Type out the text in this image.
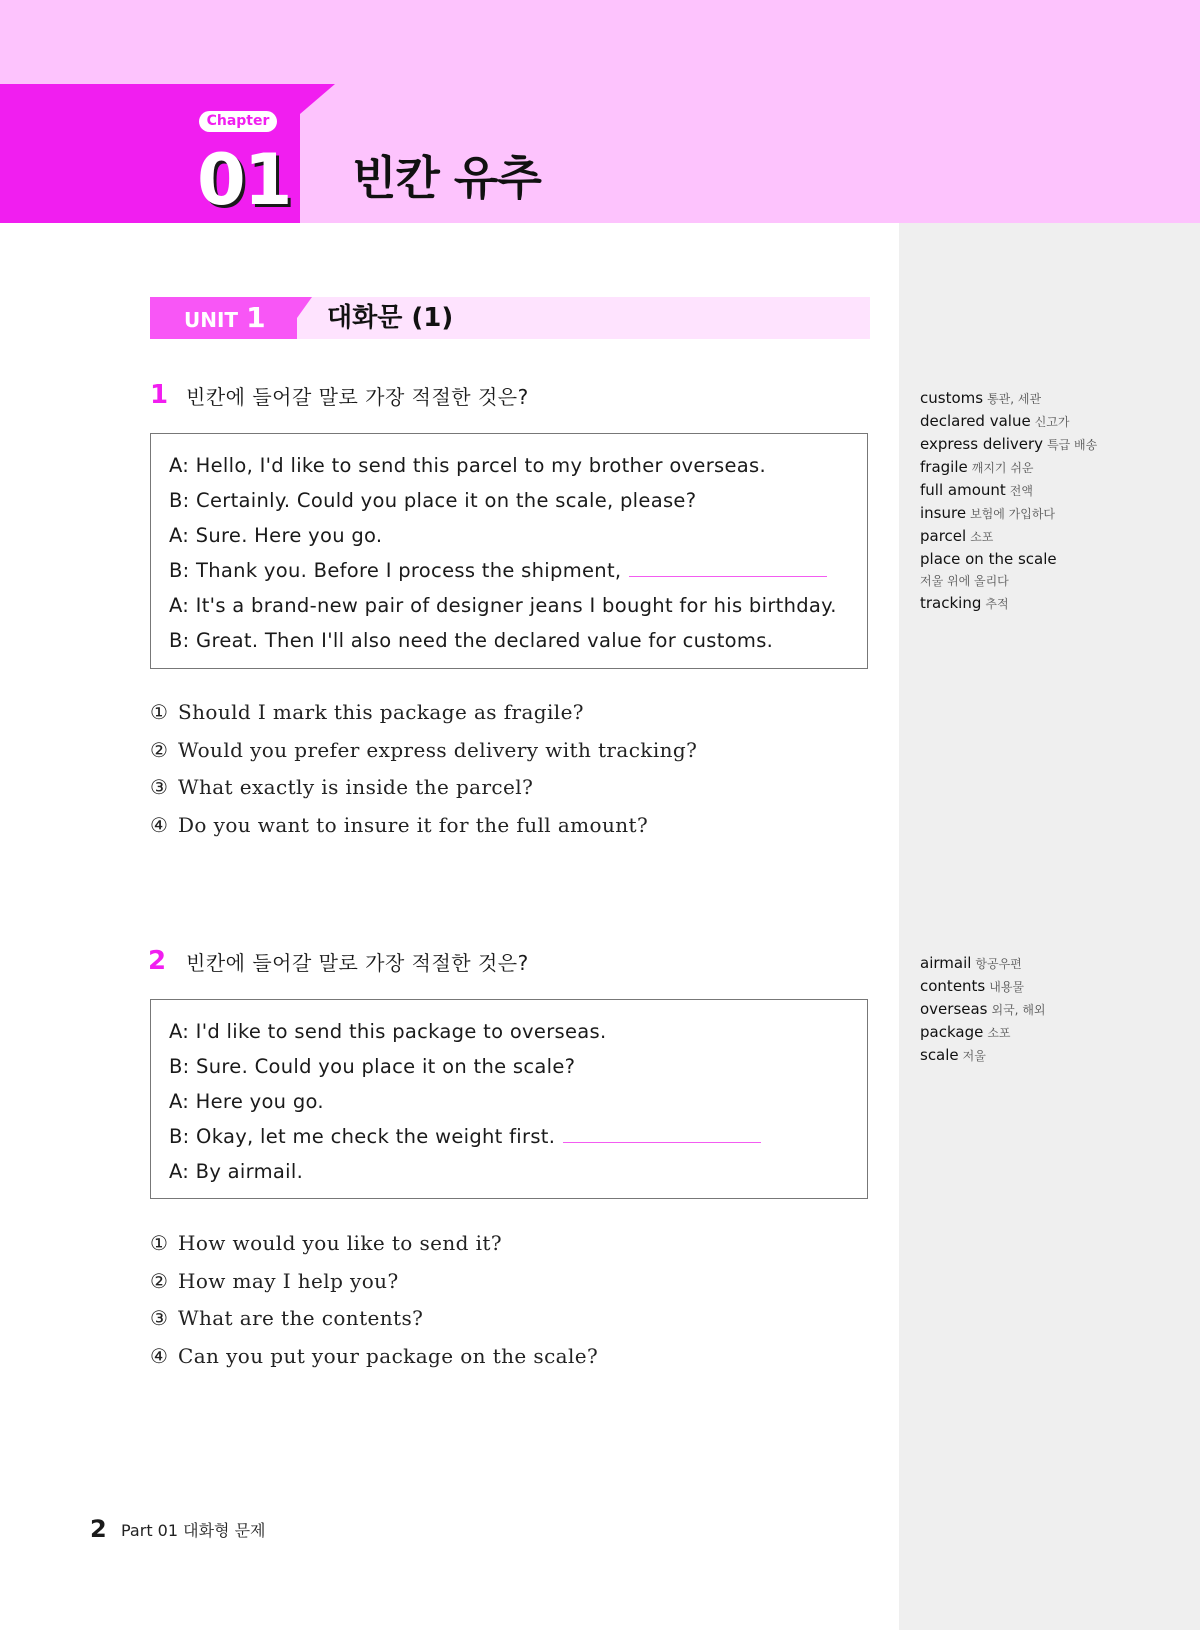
Chapter
01 빈칸 유추
UNIT 1 대화문 (1)
1 빈칸에 들어갈 말로 가장 적절한 것은?
A: Hello, I'd like to send this parcel to my brother overseas.
B: Certainly. Could you place it on the scale, please?
A: Sure. Here you go.
B: Thank you. Before I process the shipment,
A: It's a brand-new pair of designer jeans I bought for his birthday.
B: Great. Then I'll also need the declared value for customs.
① Should I mark this package as fragile?
② Would you prefer express delivery with tracking?
③ What exactly is inside the parcel?
④ Do you want to insure it for the full amount?
customs 통관, 세관
declared value 신고가
express delivery 특급 배송
fragile 깨지기 쉬운
full amount 전액
insure 보험에 가입하다
parcel 소포
place on the scale
저울 위에 올리다
tracking 추적
2 빈칸에 들어갈 말로 가장 적절한 것은?
A: I'd like to send this package to overseas.
B: Sure. Could you place it on the scale?
A: Here you go.
B: Okay, let me check the weight first.
A: By airmail.
① How would you like to send it?
② How may I help you?
③ What are the contents?
④ Can you put your package on the scale?
airmail 항공우편
contents 내용물
overseas 외국, 해외
package 소포
scale 저울
2 Part 01 대화형 문제
